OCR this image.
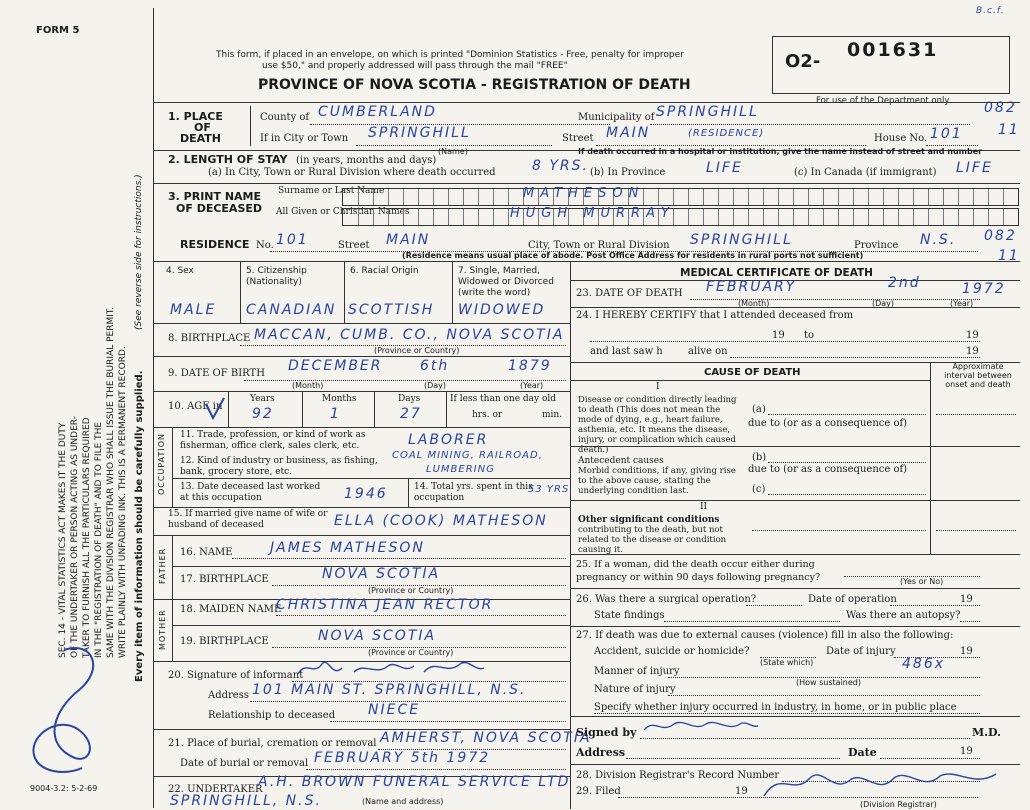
FORM 5
B.c.f.
This form, if placed in an envelope, on which is printed "Dominion Statistics - Free, penalty for improper
use $50," and properly addressed will pass through the mail "FREE"
PROVINCE OF NOVA SCOTIA - REGISTRATION OF DEATH
O2-
001631
For use of the Department only 082
11
082
11
SEC. 14 - VITAL STATISTICS ACT MAKES IT THE DUTY OF THE UNDERTAKER OR PERSON ACTING AS UNDER- TAKER TO FURNISH ALL THE PARTICULARS REQUIRED IN THE "REGISTRATION OF DEATH" AND TO FILE THE SAME WITH THE DIVISION REGISTRAR WHO SHALL ISSUE THE BURIAL PERMIT. WRITE PLAINLY WITH UNFADING INK. THIS IS A PERMANENT RECORD.
(See reverse side for instructions.)
Every item of information should be carefully supplied.
9004-3.2: 5-2-69
1. PLACE
OF
DEATH
County of CUMBERLAND	Municipality of SPRINGHILL
If in City or Town SPRINGHILL
(Name)
Street MAIN	(RESIDENCE)	House No. 101
If death occurred in a hospital or institution, give the name instead of street and number
2. LENGTH OF STAY (in years, months and days)
(a) In City, Town or Rural Division where death occurred	8 YRS. (b) In Province	LIFE	(c) In Canada (if immigrant) LIFE
3. PRINT NAME
OF DECEASED
Surname or Last Name
All Given or Christian Names
MATHESON
HUGH MURRAY
RESIDENCE No. 101	Street MAIN	City, Town or Rural Division SPRINGHILL	Province N.S.
(Residence means usual place of abode. Post Office Address for residents in rural ports not sufficient)
4. Sex	5. Citizenship (Nationality)
6. Racial Origin	7. Single, Married, Widowed or Divorced (write the word)
MALE CANADIAN SCOTTISH WIDOWED
8. BIRTHPLACE MACCAN, CUMB. CO., NOVA SCOTIA
(Province or Country)
9. DATE OF BIRTH DECEMBER	6th	1879
(Month)	(Day)	(Year)
10. AGE in
Years	Months	Days
92	1	27
If less than one day old
hrs. or	min.
OCCUPATION 11. Trade, profession, or kind of work as fisherman, office clerk, sales clerk, etc.	LABORER
12. Kind of industry or business, as fishing, bank, grocery store, etc.
COAL MINING, RAILROAD,
LUMBERING
13. Date deceased last worked at this occupation	1946	14. Total yrs. spent in this occupation
53 YRS.
15. If married give name of wife or husband of deceased	ELLA (COOK) MATHESON
FATHER 16. NAME	JAMES MATHESON
17. BIRTHPLACE	NOVA SCOTIA
(Province or Country)
MOTHER 18. MAIDEN NAME
CHRISTINA JEAN RECTOR
19. BIRTHPLACE	NOVA SCOTIA
(Province or Country)
20. Signature of informant
Address 101 MAIN ST. SPRINGHILL, N.S.
Relationship to deceased NIECE
21. Place of burial, cremation or removal AMHERST, NOVA SCOTIA
Date of burial or removal FEBRUARY 5th 1972
22. UNDERTAKER
A.H. BROWN FUNERAL SERVICE LTD
SPRINGHILL, N.S.	(Name and address)
MEDICAL CERTIFICATE OF DEATH
23. DATE OF DEATH FEBRUARY	2nd	1972
(Month)	(Day)	(Year)
24. I HEREBY CERTIFY that I attended deceased from
19 to	19
and last saw h	alive on	19
CAUSE OF DEATH
Approximate interval between onset and death
I
Disease or condition directly leading to death (This does not mean the mode of dying, e.g., heart failure, asthenia, etc. It means the disease, injury, or complication which caused death.)
(a)
due to (or as a consequence of)
Antecedent causes
Morbid conditions, if any, giving rise to the above cause, stating the underlying condition last.
(b)
due to (or as a consequence of)
(c)
II
Other significant conditions
contributing to the death, but not related to the disease or condition causing it.
25. If a woman, did the death occur either during pregnancy or within 90 days following pregnancy?	(Yes or No)
26. Was there a surgical operation?	Date of operation	19
State findings	Was there an autopsy?
27. If death was due to external causes (violence) fill in also the following:
Accident, suicide or homicide?
(State which)
Date of injury	19
Manner of injury	486x
(How sustained)
Nature of injury
Specify whether injury occurred in industry, in home, or in public place
Signed by	M.D.
Address	Date	19
28. Division Registrar's Record Number
29. Filed	19
(Division Registrar)
